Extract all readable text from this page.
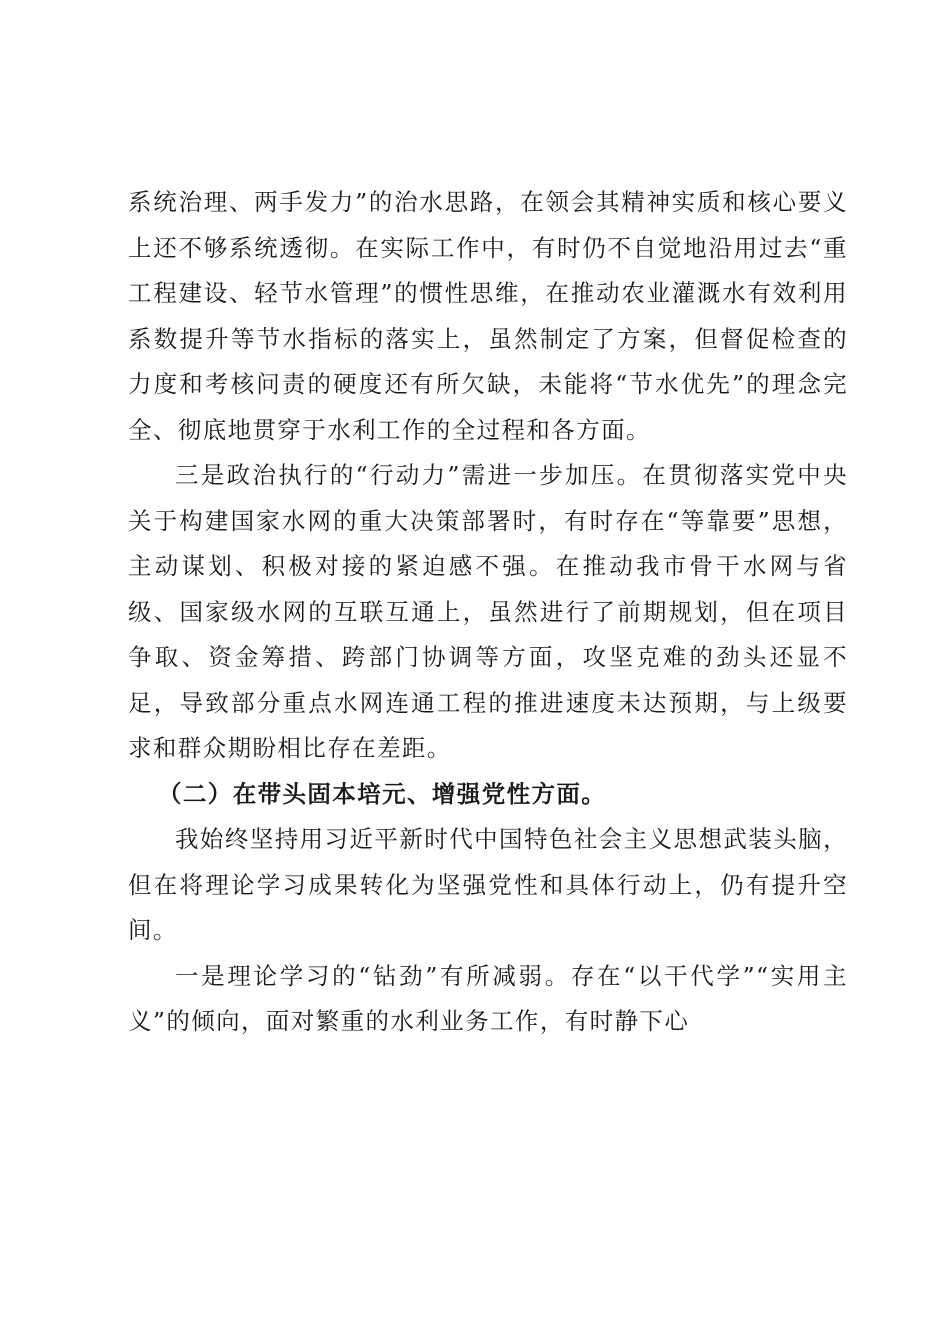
系统治理、两手发力”的治水思路，在领会其精神实质和核心要义上还不够系统透彻。在实际工作中，有时仍不自觉地沿用过去“重工程建设、轻节水管理”的惯性思维，在推动农业灌溉水有效利用系数提升等节水指标的落实上，虽然制定了方案，但督促检查的力度和考核问责的硬度还有所欠缺，未能将“节水优先”的理念完全、彻底地贯穿于水利工作的全过程和各方面。

三是政治执行的“行动力”需进一步加压。在贯彻落实党中央关于构建国家水网的重大决策部署时，有时存在“等靠要”思想，主动谋划、积极对接的紧迫感不强。在推动我市骨干水网与省级、国家级水网的互联互通上，虽然进行了前期规划，但在项目争取、资金筹措、跨部门协调等方面，攻坚克难的劲头还显不足，导致部分重点水网连通工程的推进速度未达预期，与上级要求和群众期盼相比存在差距。

（二）在带头固本培元、增强党性方面。

我始终坚持用习近平新时代中国特色社会主义思想武装头脑，但在将理论学习成果转化为坚强党性和具体行动上，仍有提升空间。

一是理论学习的“钻劲”有所减弱。存在“以干代学”“实用主义”的倾向，面对繁重的水利业务工作，有时静下心
